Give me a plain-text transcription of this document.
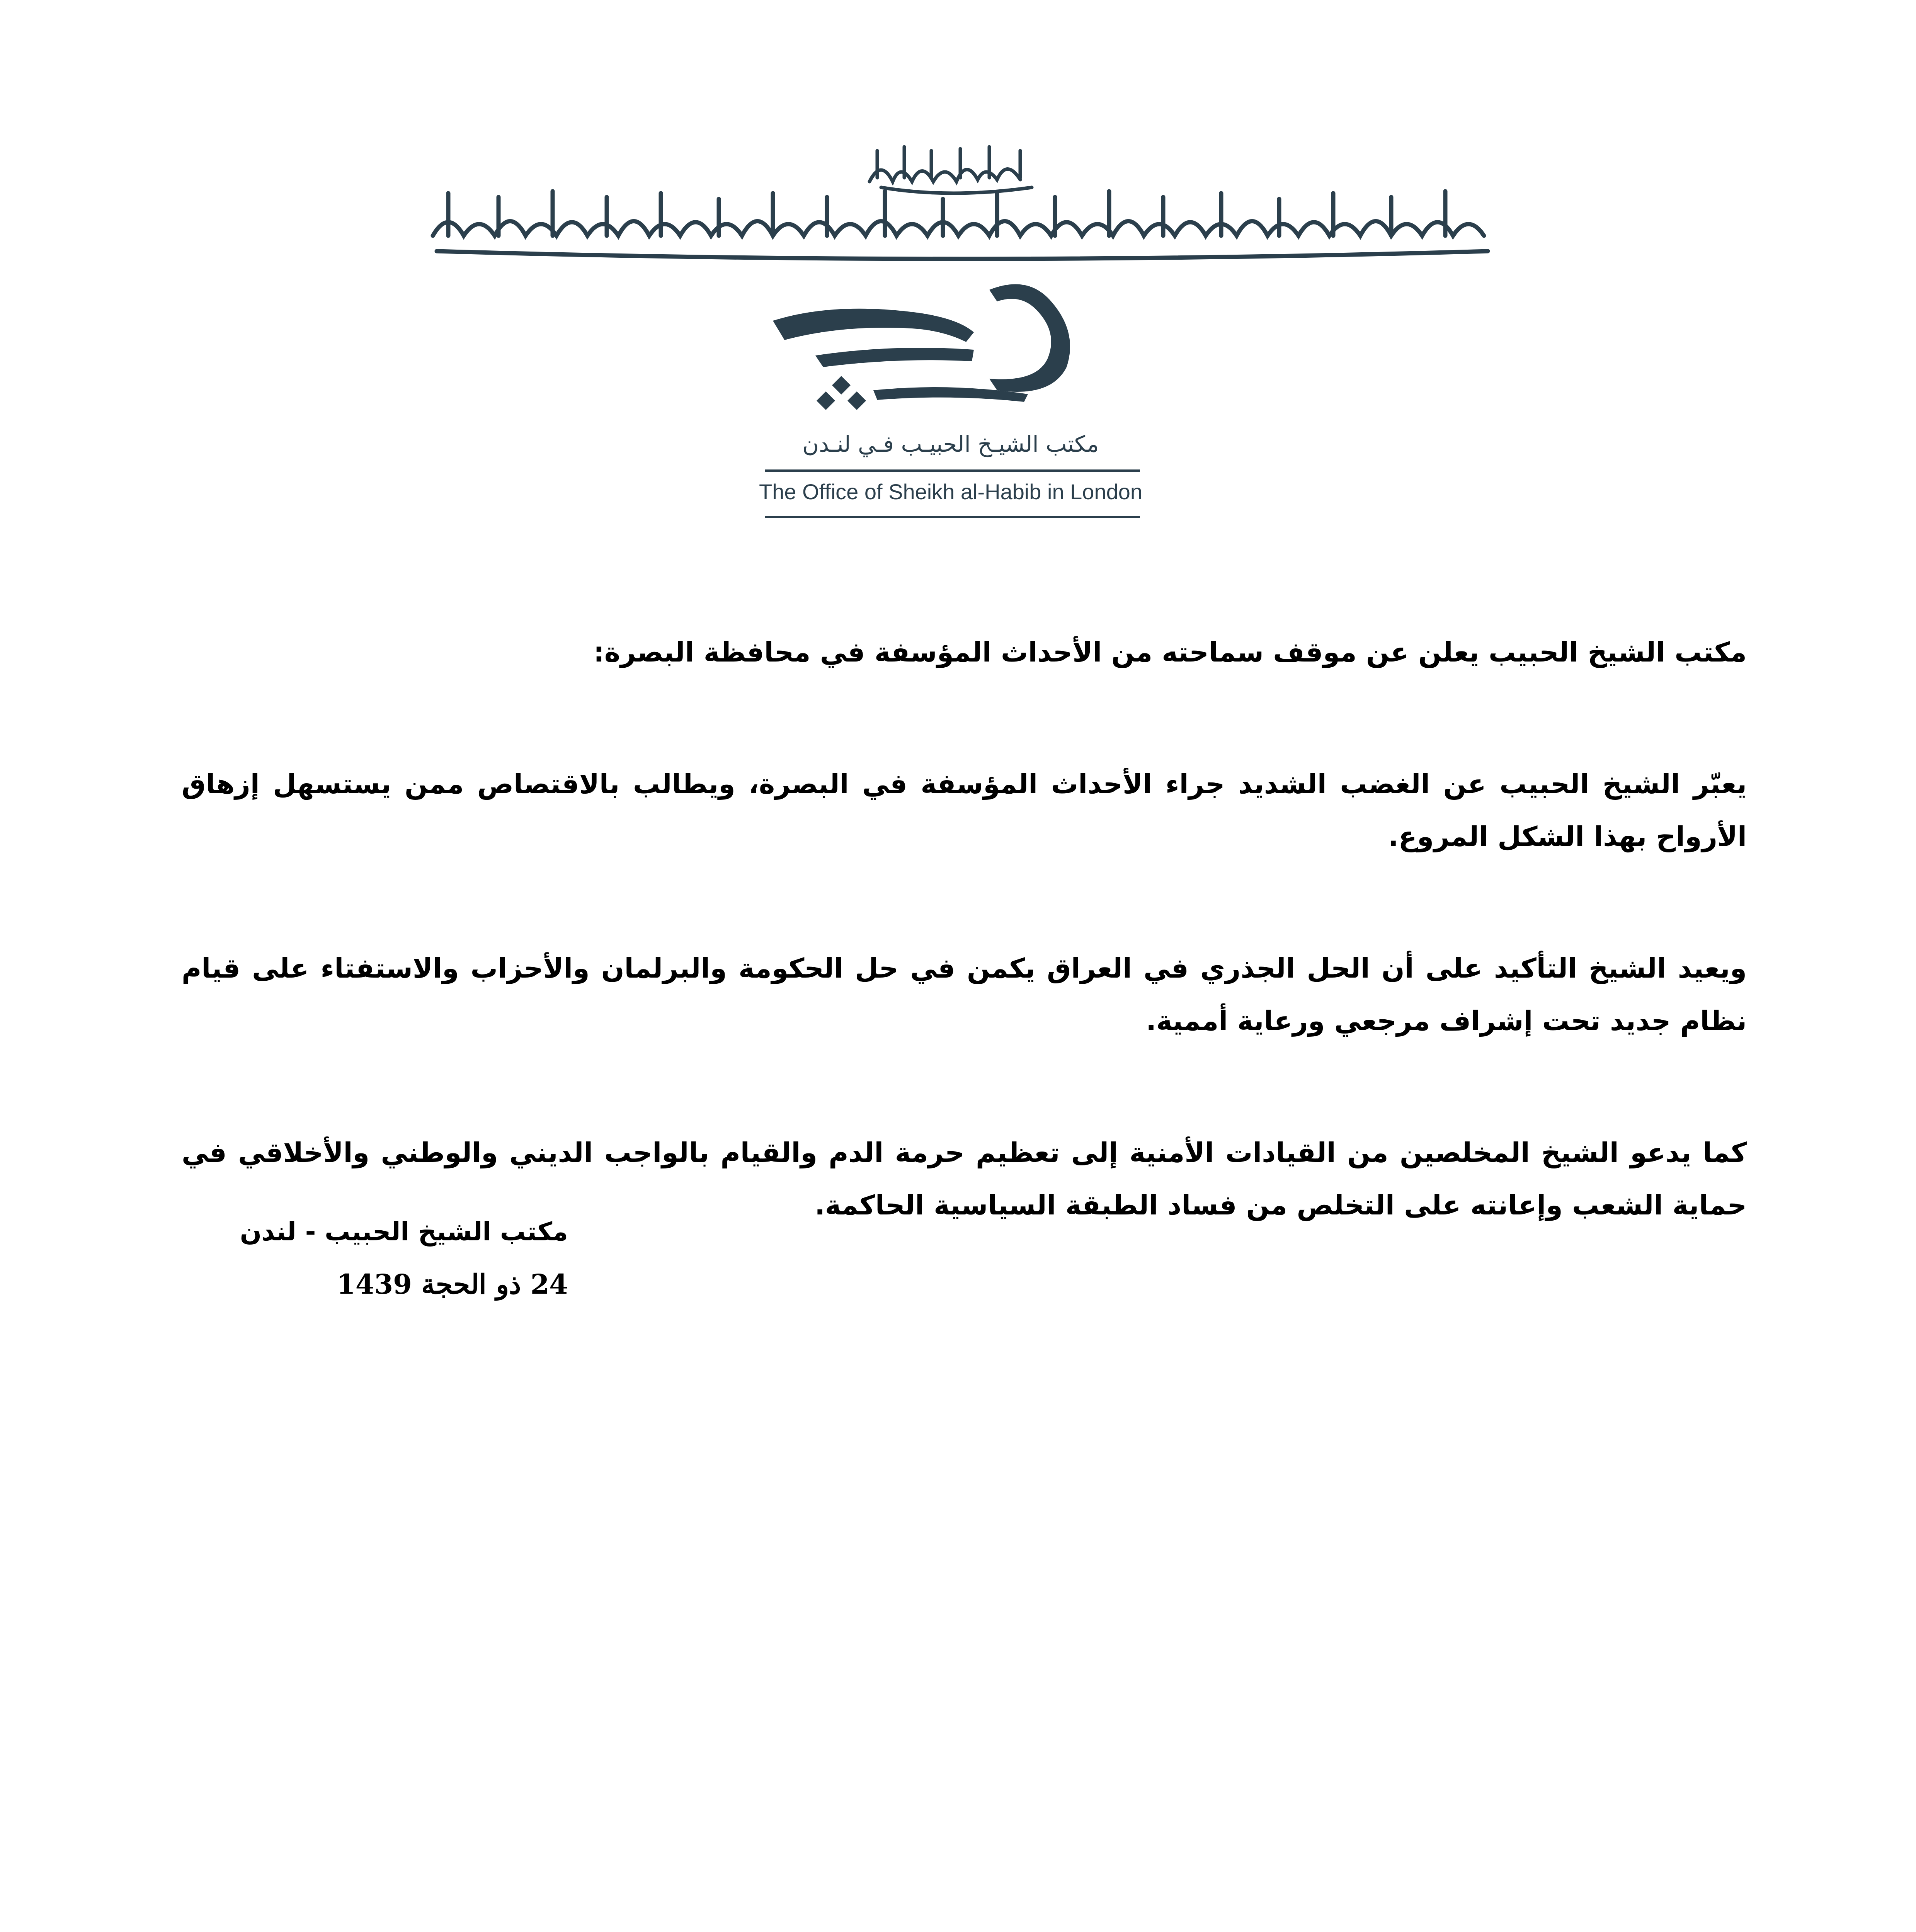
مكتب الشيـخ الحبيـب فـي لنـدن
The Office of Sheikh al-Habib in London

مكتب الشيخ الحبيب يعلن عن موقف سماحته من الأحداث المؤسفة في محافظة البصرة:

يعبّر الشيخ الحبيب عن الغضب الشديد جراء الأحداث المؤسفة في البصرة، ويطالب بالاقتصاص ممن يستسهل إزهاق الأرواح بهذا الشكل المروع.

ويعيد الشيخ التأكيد على أن الحل الجذري في العراق يكمن في حل الحكومة والبرلمان والأحزاب والاستفتاء على قيام نظام جديد تحت إشراف مرجعي ورعاية أممية.

كما يدعو الشيخ المخلصين من القيادات الأمنية إلى تعظيم حرمة الدم والقيام بالواجب الديني والوطني والأخلاقي في حماية الشعب وإعانته على التخلص من فساد الطبقة السياسية الحاكمة.

مكتب الشيخ الحبيب - لندن
24 ذو الحجة 1439
